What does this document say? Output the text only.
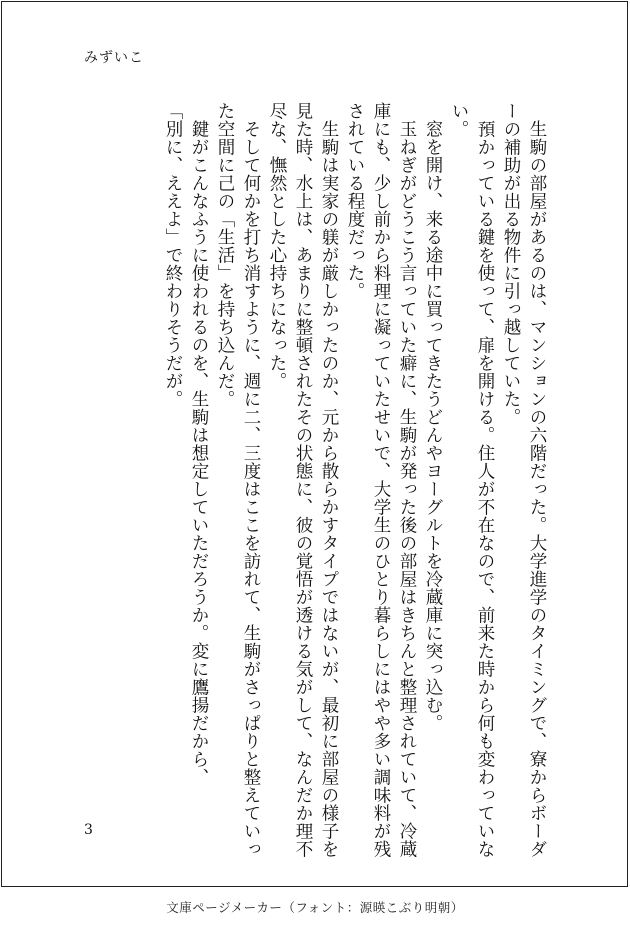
みずいこ

生駒の部屋があるのは、マンションの六階だった。大学進学のタイミングで、寮からボーダーの補助が出る物件に引っ越していた。

預かっている鍵を使って、扉を開ける。住人が不在なので、前来た時から何も変わっていない。

窓を開け、来る途中に買ってきたうどんやヨーグルトを冷蔵庫に突っ込む。

玉ねぎがどうこう言っていた癖に、生駒が発った後の部屋はきちんと整理されていて、冷蔵庫にも、少し前から料理に凝っていたせいで、大学生のひとり暮らしにはやや多い調味料が残されている程度だった。

生駒は実家の躾が厳しかったのか、元から散らかすタイプではないが、最初に部屋の様子を見た時、水上は、あまりに整頓されたその状態に、彼の覚悟が透ける気がして、なんだか理不尽な、憮然とした心持ちになった。

そして何かを打ち消すように、週に二、三度はここを訪れて、生駒がさっぱりと整えていった空間に己の「生活」を持ち込んだ。

鍵がこんなふうに使われるのを、生駒は想定していただろうか。変に鷹揚だから、

「別に、ええよ」で終わりそうだが。

3
文庫ページメーカー（フォント：源暎こぶり明朝）
